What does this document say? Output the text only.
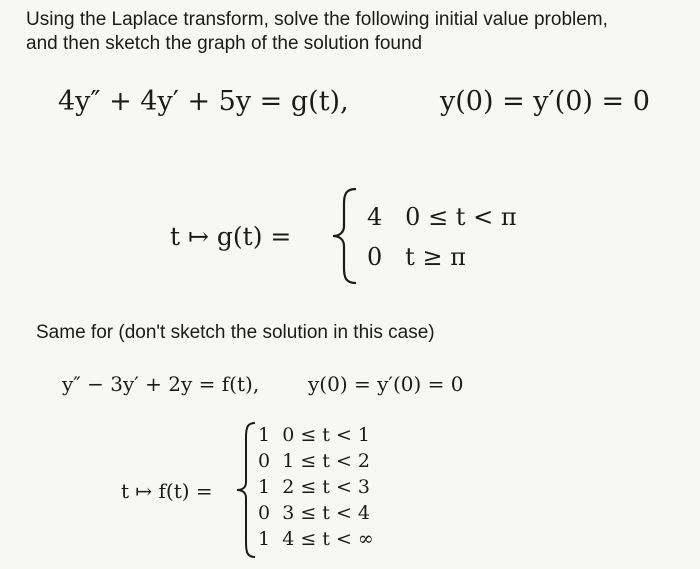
Using the Laplace transform, solve the following initial value problem,
and then sketch the graph of the solution found
4y″ + 4y′ + 5y = g(t),	y(0) = y′(0) = 0
t ↦ g(t) =
4 0 ≤ t < π
0 t ≥ π
Same for (don't sketch the solution in this case)
y″ − 3y′ + 2y = f(t), y(0) = y′(0) = 0
t ↦ f(t) =
1 0 ≤ t < 1
0 1 ≤ t < 2
1 2 ≤ t < 3
0 3 ≤ t < 4
1 4 ≤ t < ∞
